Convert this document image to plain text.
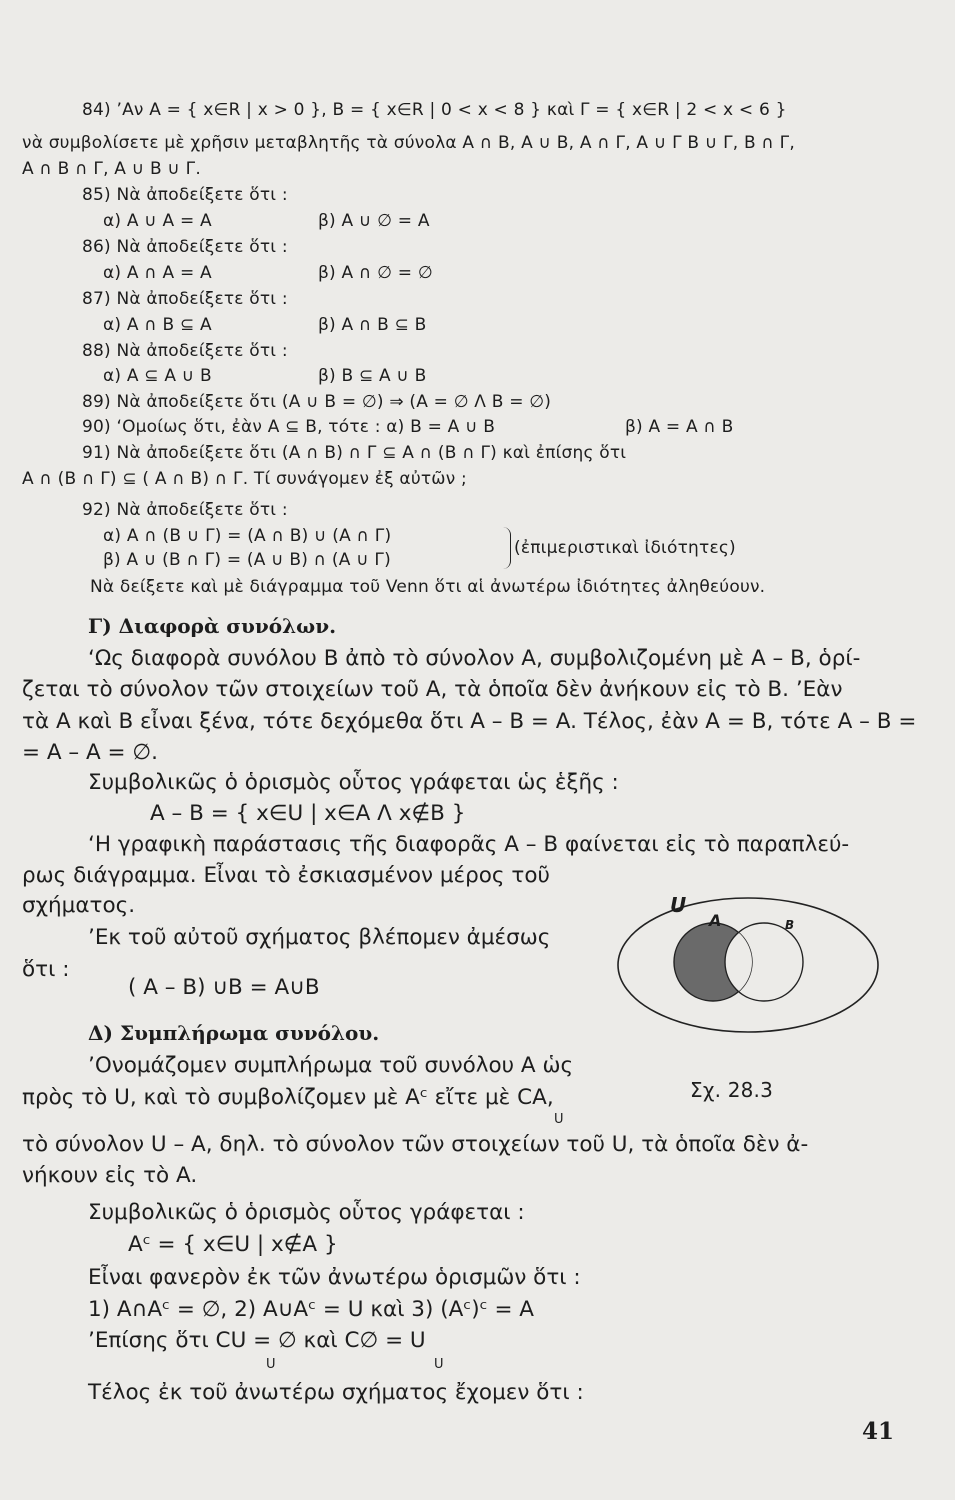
84) ’Αν A = { x∈R | x > 0 }, B = { x∈R | 0 < x < 8 } καὶ Γ = { x∈R | 2 < x < 6 }
νὰ συμβολίσετε μὲ χρῆσιν μεταβλητῆς τὰ σύνολα A ∩ B, A ∪ B, A ∩ Γ, A ∪ Γ B ∪ Γ, B ∩ Γ,
A ∩ B ∩ Γ, A ∪ B ∪ Γ.
85) Νὰ ἀποδείξετε ὅτι :
α) A ∪ A = A	β) A ∪ ∅ = A
86) Νὰ ἀποδείξετε ὅτι :
α) A ∩ A = A	β) A ∩ ∅ = ∅
87) Νὰ ἀποδείξετε ὅτι :
α) A ∩ B ⊆ A	β) A ∩ B ⊆ B
88) Νὰ ἀποδείξετε ὅτι :
α) A ⊆ A ∪ B	β) B ⊆ A ∪ B
89) Νὰ ἀποδείξετε ὅτι (A ∪ B = ∅) ⇒ (A = ∅ Λ B = ∅)
90) ‘Ομοίως ὅτι, ἐὰν A ⊆ B, τότε : α) B = A ∪ B	β) A = A ∩ B
91) Νὰ ἀποδείξετε ὅτι (A ∩ B) ∩ Γ ⊆ A ∩ (B ∩ Γ) καὶ ἐπίσης ὅτι
A ∩ (B ∩ Γ) ⊆ ( A ∩ B) ∩ Γ. Τί συνάγομεν ἐξ αὐτῶν ;
92) Νὰ ἀποδείξετε ὅτι :
α) A ∩ (B ∪ Γ) = (A ∩ B) ∪ (A ∩ Γ)
β) A ∪ (B ∩ Γ) = (A ∪ B) ∩ (A ∪ Γ)
(ἐπιμεριστικαὶ ἰδιότητες)
Νὰ δείξετε καὶ μὲ διάγραμμα τοῦ Venn ὅτι αἱ ἀνωτέρω ἰδιότητες ἀληθεύουν.
Γ) Διαφορὰ συνόλων.
‘Ως διαφορὰ συνόλου B ἀπὸ τὸ σύνολον A, συμβολιζομένη μὲ A – B, ὁρί-
ζεται τὸ σύνολον τῶν στοιχείων τοῦ A, τὰ ὁποῖα δὲν ἀνήκουν εἰς τὸ B. ’Εὰν
τὰ A καὶ B εἶναι ξένα, τότε δεχόμεθα ὅτι A – B = A. Τέλος, ἐὰν A = B, τότε A – B =
= A – A = ∅.
Συμβολικῶς ὁ ὁρισμὸς οὗτος γράφεται ὡς ἑξῆς :
A – B = { x∈U | x∈A Λ x∉B }
‘Η γραφικὴ παράστασις τῆς διαφορᾶς A – B φαίνεται εἰς τὸ παραπλεύ-
ρως διάγραμμα. Εἶναι τὸ ἐσκιασμένον μέρος τοῦ
σχήματος.
’Εκ τοῦ αὐτοῦ σχήματος βλέπομεν ἀμέσως
ὅτι :
( A – B) ∪B = A∪B
Δ) Συμπλήρωμα συνόλου.
’Ονομάζομεν συμπλήρωμα τοῦ συνόλου A ὡς
πρὸς τὸ U, καὶ τὸ συμβολίζομεν μὲ Aᶜ εἴτε μὲ CA,
U
τὸ σύνολον U – A, δηλ. τὸ σύνολον τῶν στοιχείων τοῦ U, τὰ ὁποῖα δὲν ἀ-
νήκουν εἰς τὸ A.
Συμβολικῶς ὁ ὁρισμὸς οὗτος γράφεται :
Aᶜ = { x∈U | x∉A }
Εἶναι φανερὸν ἐκ τῶν ἀνωτέρω ὁρισμῶν ὅτι :
1) A∩Aᶜ = ∅, 2) A∪Aᶜ = U καὶ 3) (Aᶜ)ᶜ = A
’Επίσης ὅτι CU = ∅ καὶ C∅ = U
U	U
Τέλος ἐκ τοῦ ἀνωτέρω σχήματος ἔχομεν ὅτι :
U
A	B
Σχ. 28.3
41
